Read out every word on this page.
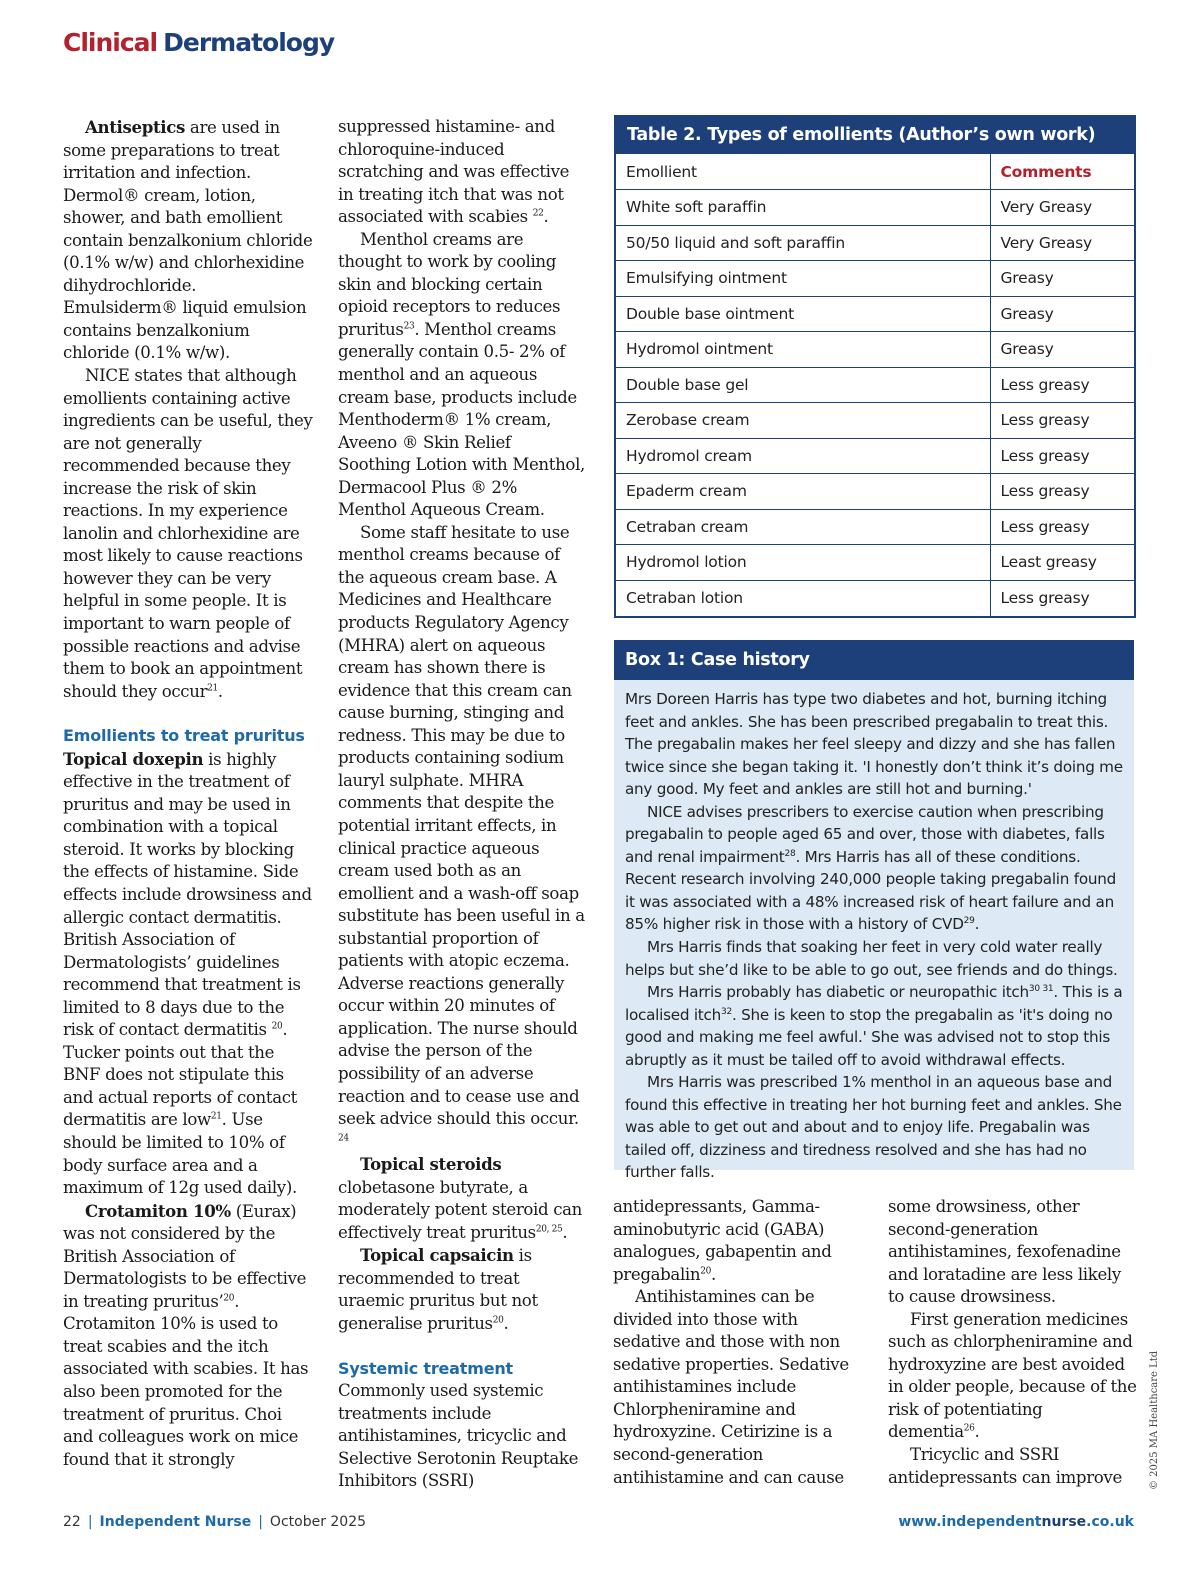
Clinical Dermatology

Antiseptics are used in some preparations to treat irritation and infection. Dermol® cream, lotion, shower, and bath emollient contain benzalkonium chloride (0.1% w/w) and chlorhexidine dihydrochloride. Emulsiderm® liquid emulsion contains benzalkonium chloride (0.1% w/w).

NICE states that although emollients containing active ingredients can be useful, they are not generally recommended because they increase the risk of skin reactions. In my experience lanolin and chlorhexidine are most likely to cause reactions however they can be very helpful in some people. It is important to warn people of possible reactions and advise them to book an appointment should they occur$^{21}$.

Emollients to treat pruritus

Topical doxepin is highly effective in the treatment of pruritus and may be used in combination with a topical steroid. It works by blocking the effects of histamine. Side effects include drowsiness and allergic contact dermatitis. British Association of Dermatologists’ guidelines recommend that treatment is limited to 8 days due to the risk of contact dermatitis $^{20}$. Tucker points out that the BNF does not stipulate this and actual reports of contact dermatitis are low$^{21}$. Use should be limited to 10% of body surface area and a maximum of 12g used daily).

Crotamiton 10% (Eurax) was not considered by the British Association of Dermatologists to be effective in treating pruritus’$^{20}$. Crotamiton 10% is used to treat scabies and the itch associated with scabies. It has also been promoted for the treatment of pruritus. Choi and colleagues work on mice found that it strongly

suppressed histamine- and chloroquine-induced scratching and was effective in treating itch that was not associated with scabies $^{22}$.

Menthol creams are thought to work by cooling skin and blocking certain opioid receptors to reduces pruritus$^{23}$. Menthol creams generally contain 0.5- 2% of menthol and an aqueous cream base, products include Menthoderm® 1% cream, Aveeno ® Skin Relief Soothing Lotion with Menthol, Dermacool Plus ® 2% Menthol Aqueous Cream.

Some staff hesitate to use menthol creams because of the aqueous cream base. A Medicines and Healthcare products Regulatory Agency (MHRA) alert on aqueous cream has shown there is evidence that this cream can cause burning, stinging and redness. This may be due to products containing sodium lauryl sulphate. MHRA comments that despite the potential irritant effects, in clinical practice aqueous cream used both as an emollient and a wash-off soap substitute has been useful in a substantial proportion of patients with atopic eczema. Adverse reactions generally occur within 20 minutes of application. The nurse should advise the person of the possibility of an adverse reaction and to cease use and seek advice should this occur. $^{24}$

Topical steroids clobetasone butyrate, a moderately potent steroid can effectively treat pruritus$^{20, 25}$.

Topical capsaicin is recommended to treat uraemic pruritus but not generalise pruritus$^{20}$.

Systemic treatment

Commonly used systemic treatments include antihistamines, tricyclic and Selective Serotonin Reuptake Inhibitors (SSRI)

Table 2. Types of emollients (Author’s own work)
Emollient	Comments
White soft paraffin	Very Greasy
50/50 liquid and soft paraffin	Very Greasy
Emulsifying ointment	Greasy
Double base ointment	Greasy
Hydromol ointment	Greasy
Double base gel	Less greasy
Zerobase cream	Less greasy
Hydromol cream	Less greasy
Epaderm cream	Less greasy
Cetraban cream	Less greasy
Hydromol lotion	Least greasy
Cetraban lotion	Less greasy
Box 1: Case history

Mrs Doreen Harris has type two diabetes and hot, burning itching feet and ankles. She has been prescribed pregabalin to treat this. The pregabalin makes her feel sleepy and dizzy and she has fallen twice since she began taking it. 'I honestly don’t think it’s doing me any good. My feet and ankles are still hot and burning.'

NICE advises prescribers to exercise caution when prescribing pregabalin to people aged 65 and over, those with diabetes, falls and renal impairment$^{28}$. Mrs Harris has all of these conditions. Recent research involving 240,000 people taking pregabalin found it was associated with a 48% increased risk of heart failure and an 85% higher risk in those with a history of CVD$^{29}$.

Mrs Harris finds that soaking her feet in very cold water really helps but she’d like to be able to go out, see friends and do things.

Mrs Harris probably has diabetic or neuropathic itch$^{30 31}$. This is a localised itch$^{32}$. She is keen to stop the pregabalin as 'it's doing no good and making me feel awful.' She was advised not to stop this abruptly as it must be tailed off to avoid withdrawal effects.

Mrs Harris was prescribed 1% menthol in an aqueous base and found this effective in treating her hot burning feet and ankles. She was able to get out and about and to enjoy life. Pregabalin was tailed off, dizziness and tiredness resolved and she has had no further falls.

antidepressants, Gamma-aminobutyric acid (GABA) analogues, gabapentin and pregabalin$^{20}$.

Antihistamines can be divided into those with sedative and those with non sedative properties. Sedative antihistamines include Chlorpheniramine and hydroxyzine. Cetirizine is a second-generation antihistamine and can cause

some drowsiness, other second-generation antihistamines, fexofenadine and loratadine are less likely to cause drowsiness.

First generation medicines such as chlorpheniramine and hydroxyzine are best avoided in older people, because of the risk of potentiating dementia$^{26}$.

Tricyclic and SSRI antidepressants can improve

22 | Independent Nurse | October 2025	www.independentnurse.co.uk
© 2025 MA Healthcare Ltd
